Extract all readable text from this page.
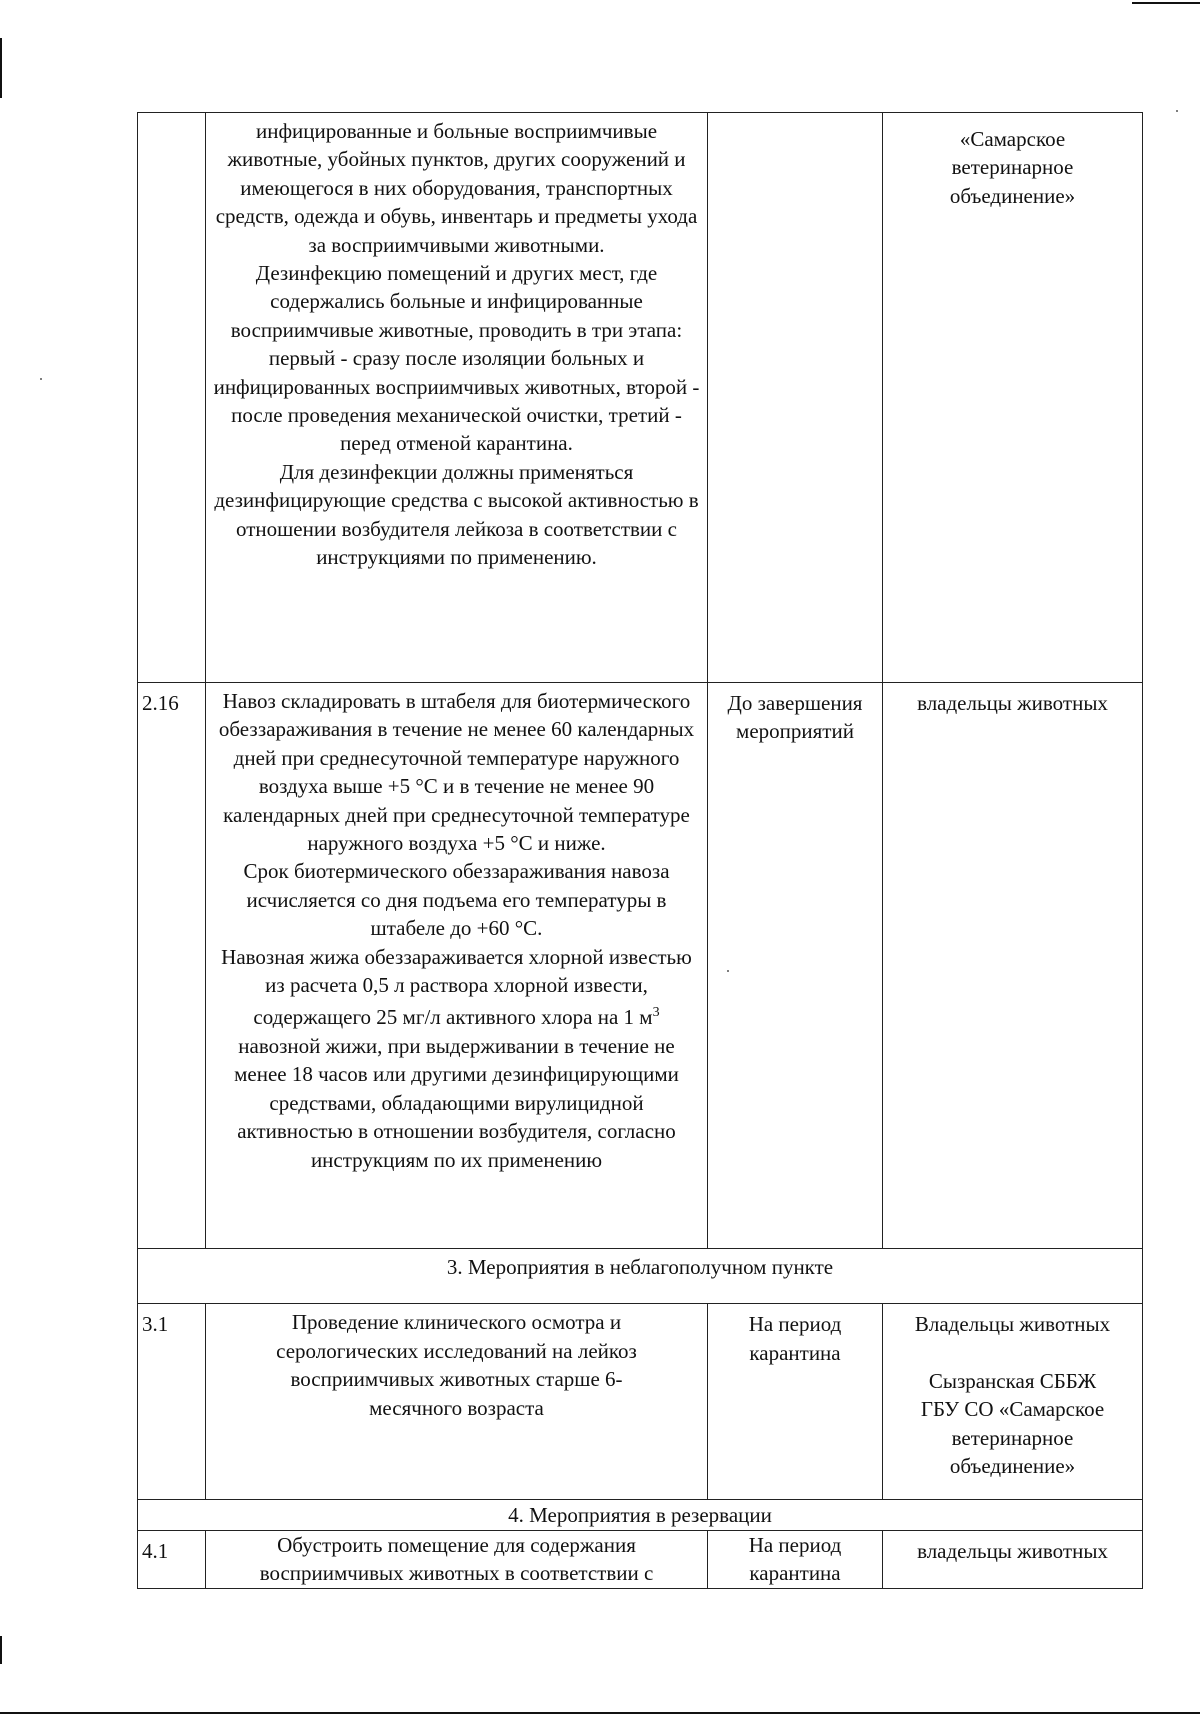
	инфицированные и больные восприимчивые животные, убойных пунктов, других сооружений и имеющегося в них оборудования, транспортных средств, одежда и обувь, инвентарь и предметы ухода за восприимчивыми животными.

Дезинфекцию помещений и других мест, где содержались больные и инфицированные восприимчивые животные, проводить в три этапа: первый - сразу после изоляции больных и инфицированных восприимчивых животных, второй - после проведения механической очистки, третий - перед отменой карантина.

Для дезинфекции должны применяться дезинфицирующие средства с высокой активностью в отношении возбудителя лейкоза в соответствии с инструкциями по применению.		«Самарское ветеринарное объединение»
2.16	Навоз складировать в штабеля для биотермического обеззараживания в течение не менее 60 календарных дней при среднесуточной температуре наружного воздуха выше +5 °С и в течение не менее 90 календарных дней при среднесуточной температуре наружного воздуха +5 °С и ниже.

Срок биотермического обеззараживания навоза исчисляется со дня подъема его температуры в штабеле до +60 °С.

Навозная жижа обеззараживается хлорной известью из расчета 0,5 л раствора хлорной извести, содержащего 25 мг/л активного хлора на 1 $м^3$ навозной жижи, при выдерживании в течение не менее 18 часов или другими дезинфицирующими средствами, обладающими вирулицидной активностью в отношении возбудителя, согласно инструкциям по их применению	До завершения мероприятий	владельцы животных
3. Мероприятия в неблагополучном пункте			
3.1	Проведение клинического осмотра и серологических исследований на лейкоз восприимчивых животных старше 6-месячного возраста	На период карантина	Владельцы животных
Сызранская СББЖ ГБУ СО «Самарское ветеринарное объединение»

4. Мероприятия в резервации			
4.1	Обустроить помещение для содержания восприимчивых животных в соответствии с	На период карантина	владельцы животных
